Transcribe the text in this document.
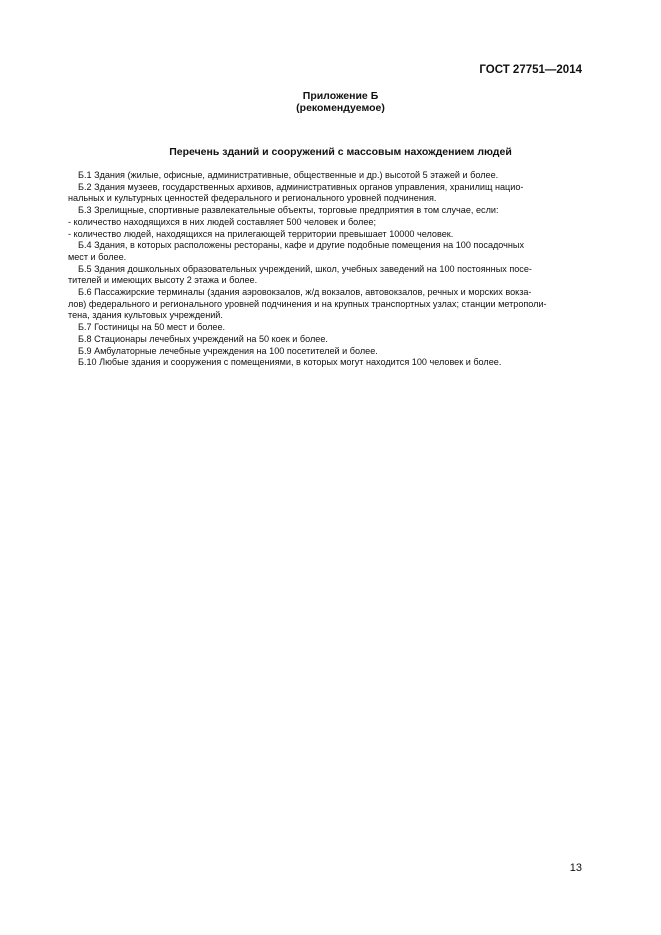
ГОСТ 27751—2014
Приложение Б
(рекомендуемое)
Перечень зданий и сооружений с массовым нахождением людей

Б.1 Здания (жилые, офисные, административные, общественные и др.) высотой 5 этажей и более.

Б.2 Здания музеев, государственных архивов, административных органов управления, хранилищ нацио-

нальных и культурных ценностей федерального и регионального уровней подчинения.

Б.3 Зрелищные, спортивные развлекательные объекты, торговые предприятия в том случае, если:

- количество находящихся в них людей составляет 500 человек и более;

- количество людей, находящихся на прилегающей территории превышает 10000 человек.

Б.4 Здания, в которых расположены рестораны, кафе и другие подобные помещения на 100 посадочных

мест и более.

Б.5 Здания дошкольных образовательных учреждений, школ, учебных заведений на 100 постоянных посе-

тителей и имеющих высоту 2 этажа и более.

Б.6 Пассажирские терминалы (здания аэровокзалов, ж/д вокзалов, автовокзалов, речных и морских вокза-

лов) федерального и регионального уровней подчинения и на крупных транспортных узлах; станции метрополи-

тена, здания культовых учреждений.

Б.7 Гостиницы на 50 мест и более.

Б.8 Стационары лечебных учреждений на 50 коек и более.

Б.9 Амбулаторные лечебные учреждения на 100 посетителей и более.

Б.10 Любые здания и сооружения с помещениями, в которых могут находится 100 человек и более.

13
